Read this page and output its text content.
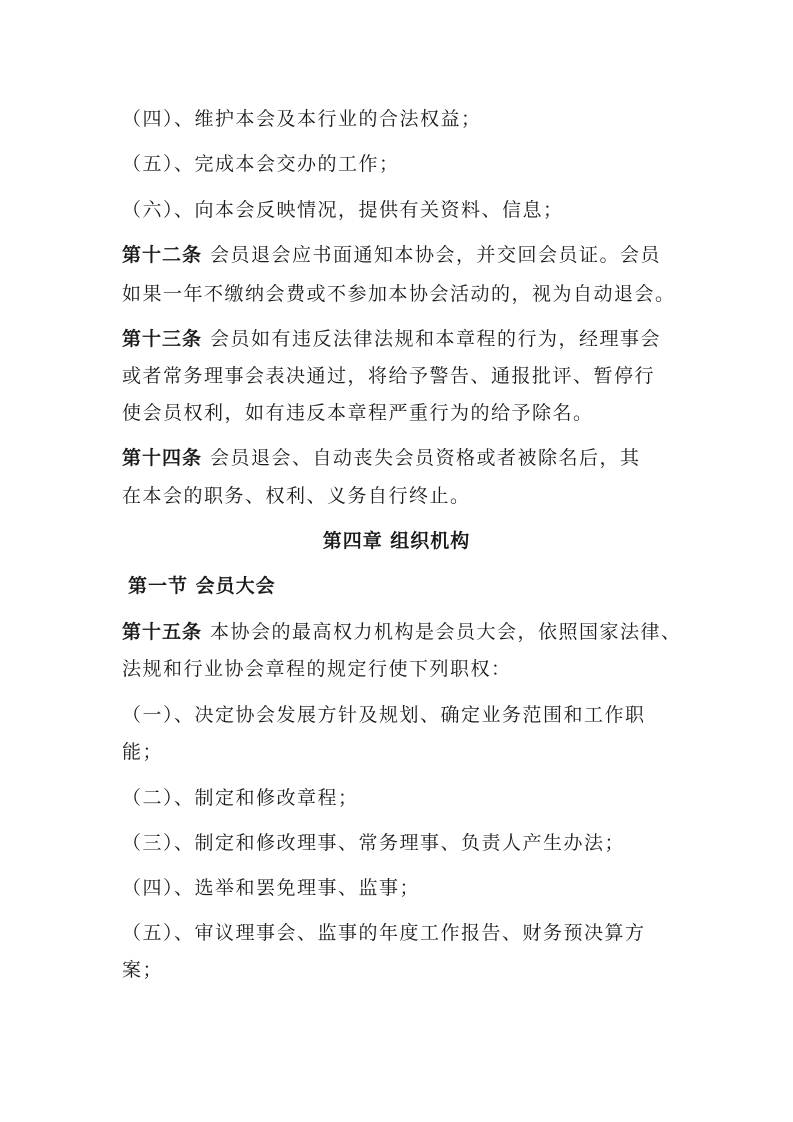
（四）、维护本会及本行业的合法权益；
（五）、完成本会交办的工作；
（六）、向本会反映情况，提供有关资料、信息；
第十二条 会员退会应书面通知本协会，并交回会员证。会员
如果一年不缴纳会费或不参加本协会活动的，视为自动退会。
第十三条 会员如有违反法律法规和本章程的行为，经理事会
或者常务理事会表决通过，将给予警告、通报批评、暂停行
使会员权利，如有违反本章程严重行为的给予除名。
第十四条 会员退会、自动丧失会员资格或者被除名后，其
在本会的职务、权利、义务自行终止。
第四章 组织机构
第一节 会员大会
第十五条 本协会的最高权力机构是会员大会，依照国家法律、
法规和行业协会章程的规定行使下列职权：
（一）、决定协会发展方针及规划、确定业务范围和工作职
能；
（二）、制定和修改章程；
（三）、制定和修改理事、常务理事、负责人产生办法；
（四）、选举和罢免理事、监事；
（五）、审议理事会、监事的年度工作报告、财务预决算方
案；
